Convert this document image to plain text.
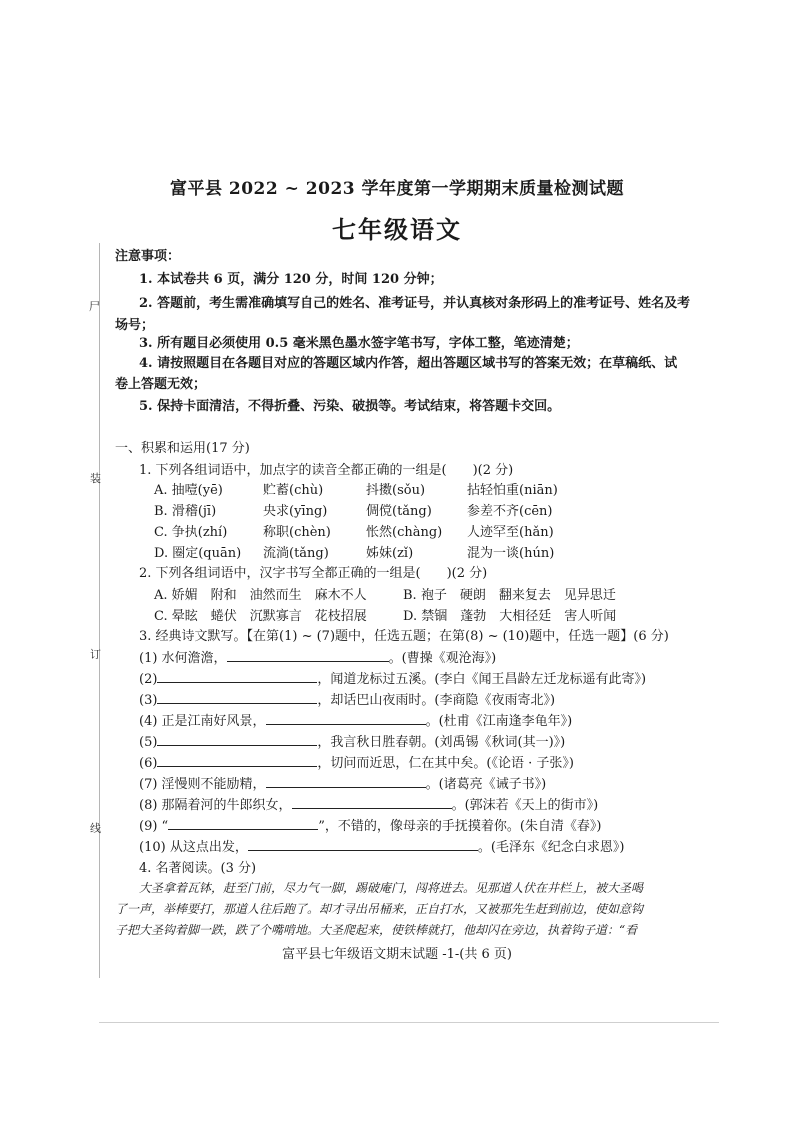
尸
装
订
线
富平县 2022 ~ 2023 学年度第一学期期末质量检测试题
七年级语文
注意事项：
1. 本试卷共 6 页，满分 120 分，时间 120 分钟；
2. 答题前，考生需准确填写自己的姓名、准考证号，并认真核对条形码上的准考证号、姓名及考
场号；
3. 所有题目必须使用 0.5 毫米黑色墨水签字笔书写，字体工整，笔迹清楚；
4. 请按照题目在各题目对应的答题区域内作答，超出答题区域书写的答案无效；在草稿纸、试
卷上答题无效；
5. 保持卡面清洁，不得折叠、污染、破损等。考试结束，将答题卡交回。
一、积累和运用(17 分)
1. 下列各组词语中，加点字的读音全都正确的一组是(　　)(2 分)
A. 抽噎(yē)	贮蓄(chù)	抖擞(sǒu)	拈轻怕重(niān)
B. 滑稽(jī)	央求(yīng)	倜傥(tǎng)	参差不齐(cēn)
C. 争执(zhí)	称职(chèn)	怅然(chàng) 人迹罕至(hǎn)
D. 圈定(quān) 流淌(tǎng)	姊妹(zǐ)	混为一谈(hún)
2. 下列各组词语中，汉字书写全都正确的一组是(　　)(2 分)
A. 娇媚　附和　油然而生　麻木不人	B. 袍子　硬朗　翻来复去　见异思迁
C. 晕眩　蜷伏　沉默寡言　花枝招展	D. 禁锢　蓬勃　大相径廷　害人听闻
3. 经典诗文默写。【在第(1) ~ (7)题中，任选五题；在第(8) ~ (10)题中，任选一题】(6 分)
(1) 水何澹澹，	。(曹操《观沧海》)
(2)	，闻道龙标过五溪。(李白《闻王昌龄左迁龙标遥有此寄》)
(3)	，却话巴山夜雨时。(李商隐《夜雨寄北》)
(4) 正是江南好风景，	。(杜甫《江南逢李龟年》)
(5)	，我言秋日胜春朝。(刘禹锡《秋词(其一)》)
(6)	，切问而近思，仁在其中矣。(《论语 · 子张》)
(7) 淫慢则不能励精，	。(诸葛亮《诫子书》)
(8) 那隔着河的牛郎织女，	。(郭沫若《天上的街市》)
(9) “	”，不错的，像母亲的手抚摸着你。(朱自清《春》)
(10) 从这点出发，	。(毛泽东《纪念白求恩》)
4. 名著阅读。(3 分)
大圣拿着瓦钵，赶至门前，尽力气一脚，踢破庵门，闯将进去。见那道人伏在井栏上，被大圣喝
了一声，举棒要打，那道人往后跑了。却才寻出吊桶来，正自打水，又被那先生赶到前边，使如意钩
子把大圣钩着脚一跌，跌了个嘴啃地。大圣爬起来，使铁棒就打，他却闪在旁边，执着钩子道：“看
富平县七年级语文期末试题 -1-(共 6 页)
